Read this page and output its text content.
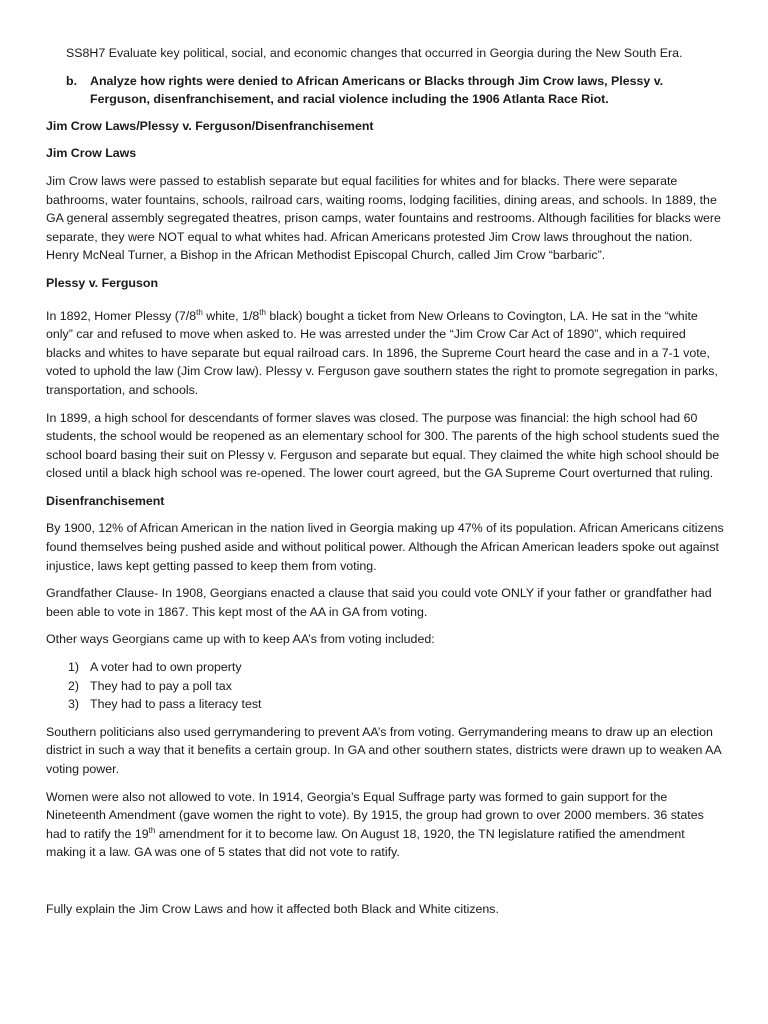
SS8H7 Evaluate key political, social, and economic changes that occurred in Georgia during the New South Era.

b.	Analyze how rights were denied to African Americans or Blacks through Jim Crow laws, Plessy v. Ferguson, disenfranchisement, and racial violence including the 1906 Atlanta Race Riot.
Jim Crow Laws/Plessy v. Ferguson/Disenfranchisement
Jim Crow Laws

Jim Crow laws were passed to establish separate but equal facilities for whites and for blacks. There were separate bathrooms, water fountains, schools, railroad cars, waiting rooms, lodging facilities, dining areas, and schools. In 1889, the GA general assembly segregated theatres, prison camps, water fountains and restrooms. Although facilities for blacks were separate, they were NOT equal to what whites had. African Americans protested Jim Crow laws throughout the nation. Henry McNeal Turner, a Bishop in the African Methodist Episcopal Church, called Jim Crow “barbaric”.

Plessy v. Ferguson

In 1892, Homer Plessy (7/8th white, 1/8th black) bought a ticket from New Orleans to Covington, LA. He sat in the “white only” car and refused to move when asked to. He was arrested under the “Jim Crow Car Act of 1890”, which required blacks and whites to have separate but equal railroad cars. In 1896, the Supreme Court heard the case and in a 7-1 vote, voted to uphold the law (Jim Crow law). Plessy v. Ferguson gave southern states the right to promote segregation in parks, transportation, and schools.

In 1899, a high school for descendants of former slaves was closed. The purpose was financial: the high school had 60 students, the school would be reopened as an elementary school for 300. The parents of the high school students sued the school board basing their suit on Plessy v. Ferguson and separate but equal. They claimed the white high school should be closed until a black high school was re-opened. The lower court agreed, but the GA Supreme Court overturned that ruling.

Disenfranchisement

By 1900, 12% of African American in the nation lived in Georgia making up 47% of its population. African Americans citizens found themselves being pushed aside and without political power. Although the African American leaders spoke out against injustice, laws kept getting passed to keep them from voting.

Grandfather Clause- In 1908, Georgians enacted a clause that said you could vote ONLY if your father or grandfather had been able to vote in 1867. This kept most of the AA in GA from voting.

Other ways Georgians came up with to keep AA’s from voting included:

1) A voter had to own property
2) They had to pay a poll tax
3) They had to pass a literacy test

Southern politicians also used gerrymandering to prevent AA’s from voting. Gerrymandering means to draw up an election district in such a way that it benefits a certain group. In GA and other southern states, districts were drawn up to weaken AA voting power.

Women were also not allowed to vote. In 1914, Georgia’s Equal Suffrage party was formed to gain support for the Nineteenth Amendment (gave women the right to vote). By 1915, the group had grown to over 2000 members. 36 states had to ratify the 19th amendment for it to become law. On August 18, 1920, the TN legislature ratified the amendment making it a law. GA was one of 5 states that did not vote to ratify.

Fully explain the Jim Crow Laws and how it affected both Black and White citizens.
